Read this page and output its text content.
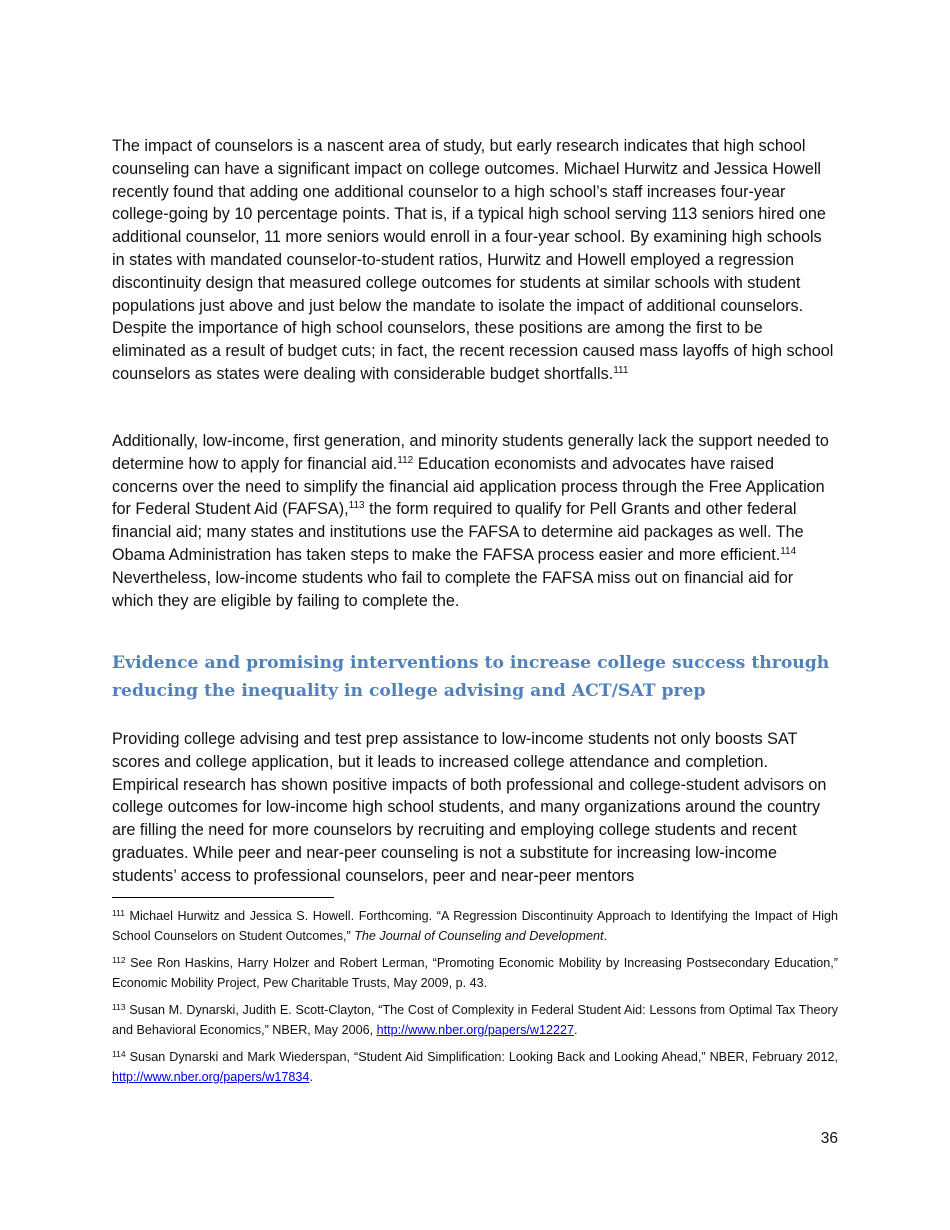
The impact of counselors is a nascent area of study, but early research indicates that high school counseling can have a significant impact on college outcomes. Michael Hurwitz and Jessica Howell recently found that adding one additional counselor to a high school’s staff increases four-year college-going by 10 percentage points. That is, if a typical high school serving 113 seniors hired one additional counselor, 11 more seniors would enroll in a four-year school. By examining high schools in states with mandated counselor-to-student ratios, Hurwitz and Howell employed a regression discontinuity design that measured college outcomes for students at similar schools with student populations just above and just below the mandate to isolate the impact of additional counselors. Despite the importance of high school counselors, these positions are among the first to be eliminated as a result of budget cuts; in fact, the recent recession caused mass layoffs of high school counselors as states were dealing with considerable budget shortfalls.$^{111}$

Additionally, low-income, first generation, and minority students generally lack the support needed to determine how to apply for financial aid.$^{112}$ Education economists and advocates have raised concerns over the need to simplify the financial aid application process through the Free Application for Federal Student Aid (FAFSA),$^{113}$ the form required to qualify for Pell Grants and other federal financial aid; many states and institutions use the FAFSA to determine aid packages as well. The Obama Administration has taken steps to make the FAFSA process easier and more efficient.$^{114}$ Nevertheless, low-income students who fail to complete the FAFSA miss out on financial aid for which they are eligible by failing to complete the.

Evidence and promising interventions to increase college success through reducing the inequality in college advising and ACT/SAT prep

Providing college advising and test prep assistance to low-income students not only boosts SAT scores and college application, but it leads to increased college attendance and completion. Empirical research has shown positive impacts of both professional and college-student advisors on college outcomes for low-income high school students, and many organizations around the country are filling the need for more counselors by recruiting and employing college students and recent graduates. While peer and near-peer counseling is not a substitute for increasing low-income students’ access to professional counselors, peer and near-peer mentors

$^{111}$ Michael Hurwitz and Jessica S. Howell. Forthcoming. “A Regression Discontinuity Approach to Identifying the Impact of High School Counselors on Student Outcomes,” The Journal of Counseling and Development.

$^{112}$ See Ron Haskins, Harry Holzer and Robert Lerman, “Promoting Economic Mobility by Increasing Postsecondary Education,” Economic Mobility Project, Pew Charitable Trusts, May 2009, p. 43.

$^{113}$ Susan M. Dynarski, Judith E. Scott-Clayton, “The Cost of Complexity in Federal Student Aid: Lessons from Optimal Tax Theory and Behavioral Economics,” NBER, May 2006, http://www.nber.org/papers/w12227.

$^{114}$ Susan Dynarski and Mark Wiederspan, “Student Aid Simplification: Looking Back and Looking Ahead,” NBER, February 2012, http://www.nber.org/papers/w17834.

36
